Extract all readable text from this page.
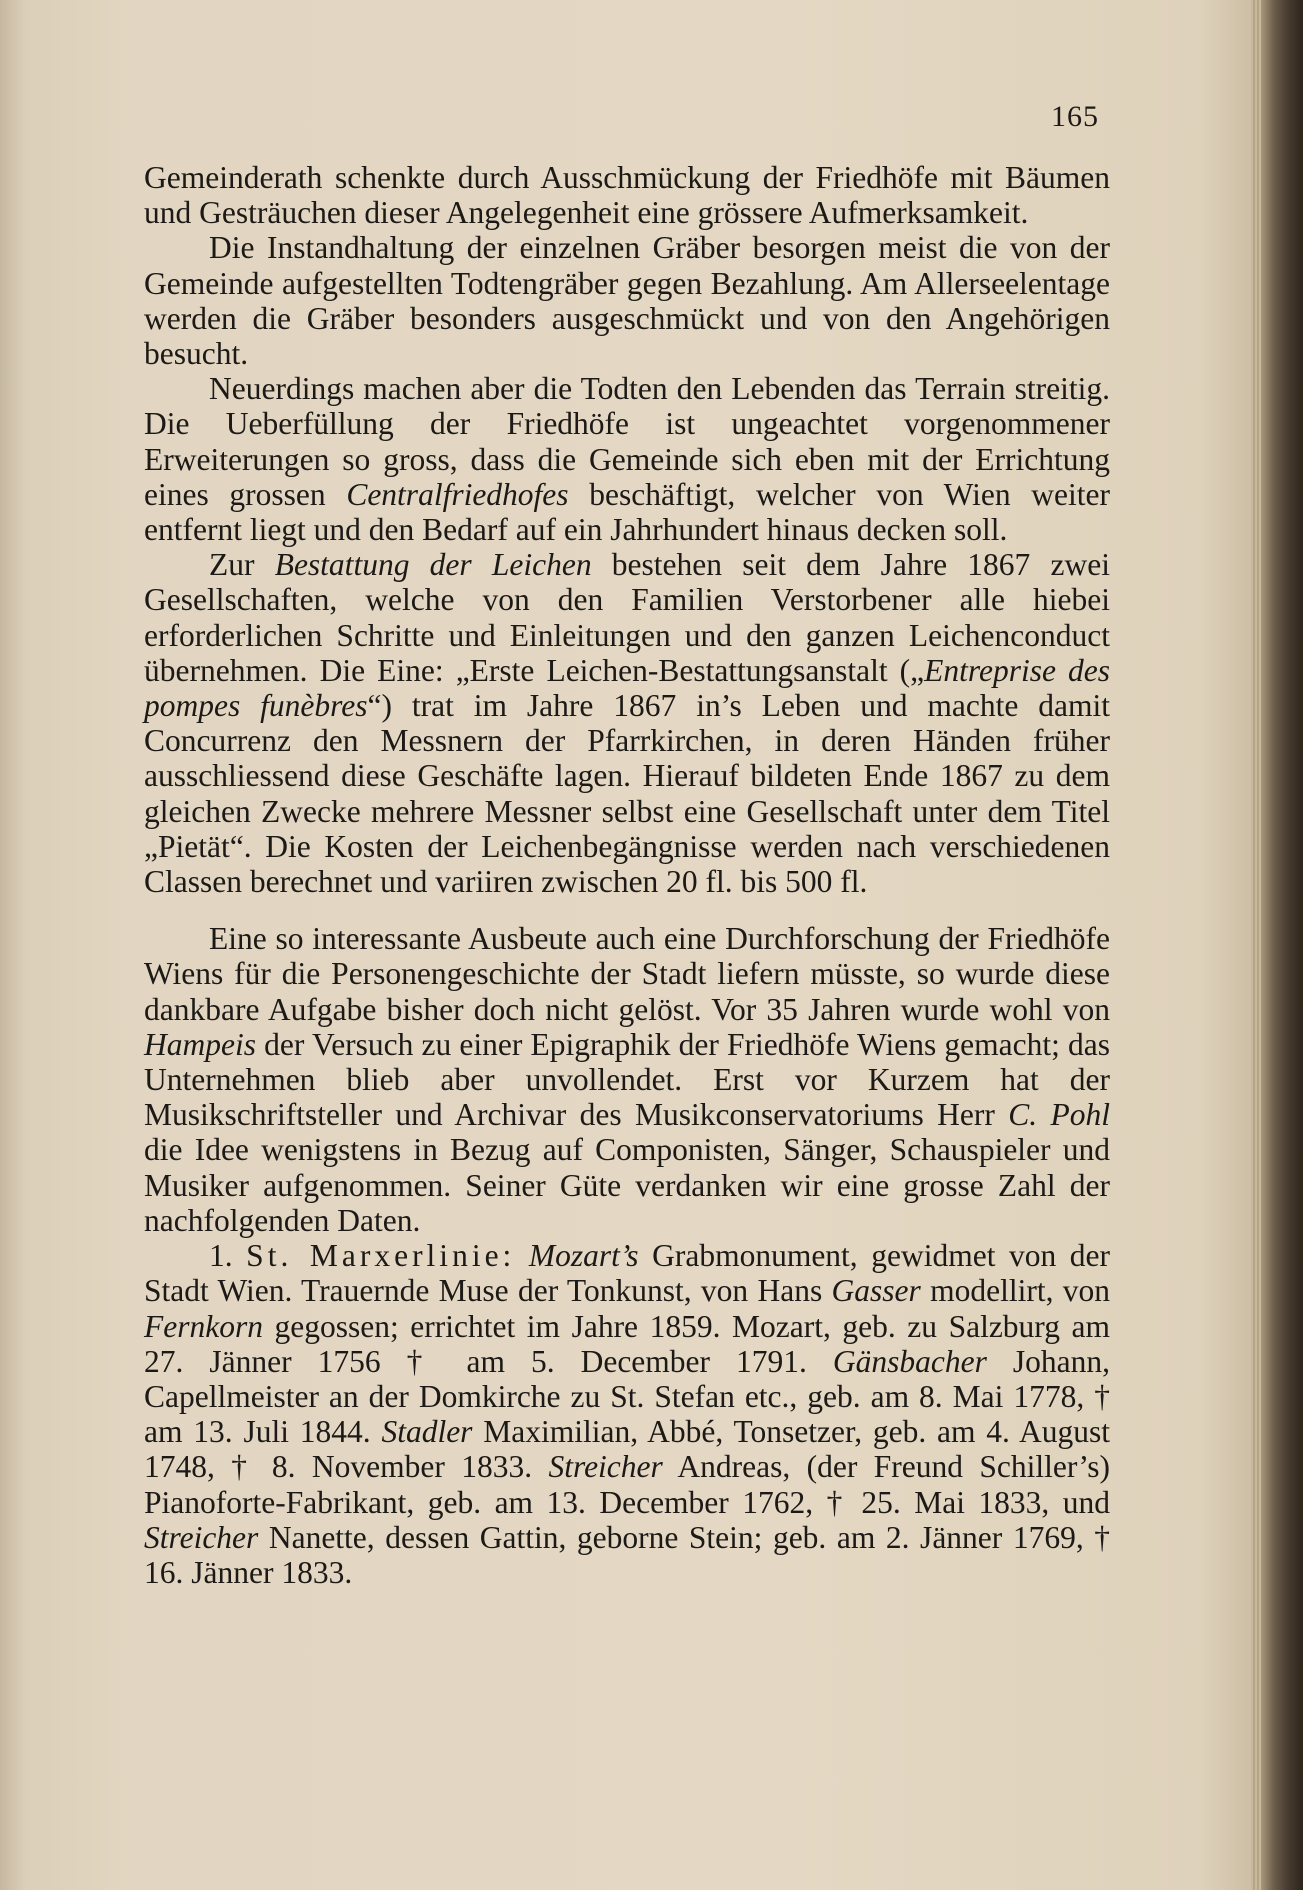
165

Gemeinderath schenkte durch Ausschmückung der Friedhöfe mit Bäumen und Gesträuchen dieser Angelegenheit eine grössere Aufmerksamkeit.

Die Instandhaltung der einzelnen Gräber besorgen meist die von der Gemeinde aufgestellten Todtengräber gegen Bezahlung. Am Allerseelentage werden die Gräber besonders ausgeschmückt und von den Angehörigen besucht.

Neuerdings machen aber die Todten den Lebenden das Terrain streitig. Die Ueberfüllung der Friedhöfe ist ungeachtet vorgenommener Erweiterungen so gross, dass die Gemeinde sich eben mit der Errichtung eines grossen Centralfriedhofes beschäftigt, welcher von Wien weiter entfernt liegt und den Bedarf auf ein Jahrhundert hinaus decken soll.

Zur Bestattung der Leichen bestehen seit dem Jahre 1867 zwei Gesellschaften, welche von den Familien Verstorbener alle hiebei erforderlichen Schritte und Einleitungen und den ganzen Leichenconduct übernehmen. Die Eine: „Erste Leichen-Bestattungsanstalt („Entreprise des pompes funèbres“) trat im Jahre 1867 in’s Leben und machte damit Concurrenz den Messnern der Pfarrkirchen, in deren Händen früher ausschliessend diese Geschäfte lagen. Hierauf bildeten Ende 1867 zu dem gleichen Zwecke mehrere Messner selbst eine Gesellschaft unter dem Titel „Pietät“. Die Kosten der Leichenbegängnisse werden nach verschiedenen Classen berechnet und variiren zwischen 20 fl. bis 500 fl.

Eine so interessante Ausbeute auch eine Durchforschung der Friedhöfe Wiens für die Personengeschichte der Stadt liefern müsste, so wurde diese dankbare Aufgabe bisher doch nicht gelöst. Vor 35 Jahren wurde wohl von Hampeis der Versuch zu einer Epigraphik der Friedhöfe Wiens gemacht; das Unternehmen blieb aber unvollendet. Erst vor Kurzem hat der Musikschriftsteller und Archivar des Musikconservatoriums Herr C. Pohl die Idee wenigstens in Bezug auf Componisten, Sänger, Schauspieler und Musiker aufgenommen. Seiner Güte verdanken wir eine grosse Zahl der nachfolgenden Daten.

1. St. Marxerlinie: Mozart’s Grabmonument, gewidmet von der Stadt Wien. Trauernde Muse der Tonkunst, von Hans Gasser modellirt, von Fernkorn gegossen; errichtet im Jahre 1859. Mozart, geb. zu Salzburg am 27. Jänner 1756 † am 5. December 1791. Gänsbacher Johann, Capellmeister an der Domkirche zu St. Stefan etc., geb. am 8. Mai 1778, † am 13. Juli 1844. Stadler Maximilian, Abbé, Tonsetzer, geb. am 4. August 1748, † 8. November 1833. Streicher Andreas, (der Freund Schiller’s) Pianoforte-Fabrikant, geb. am 13. December 1762, † 25. Mai 1833, und Streicher Nanette, dessen Gattin, geborne Stein; geb. am 2. Jänner 1769, † 16. Jänner 1833.
